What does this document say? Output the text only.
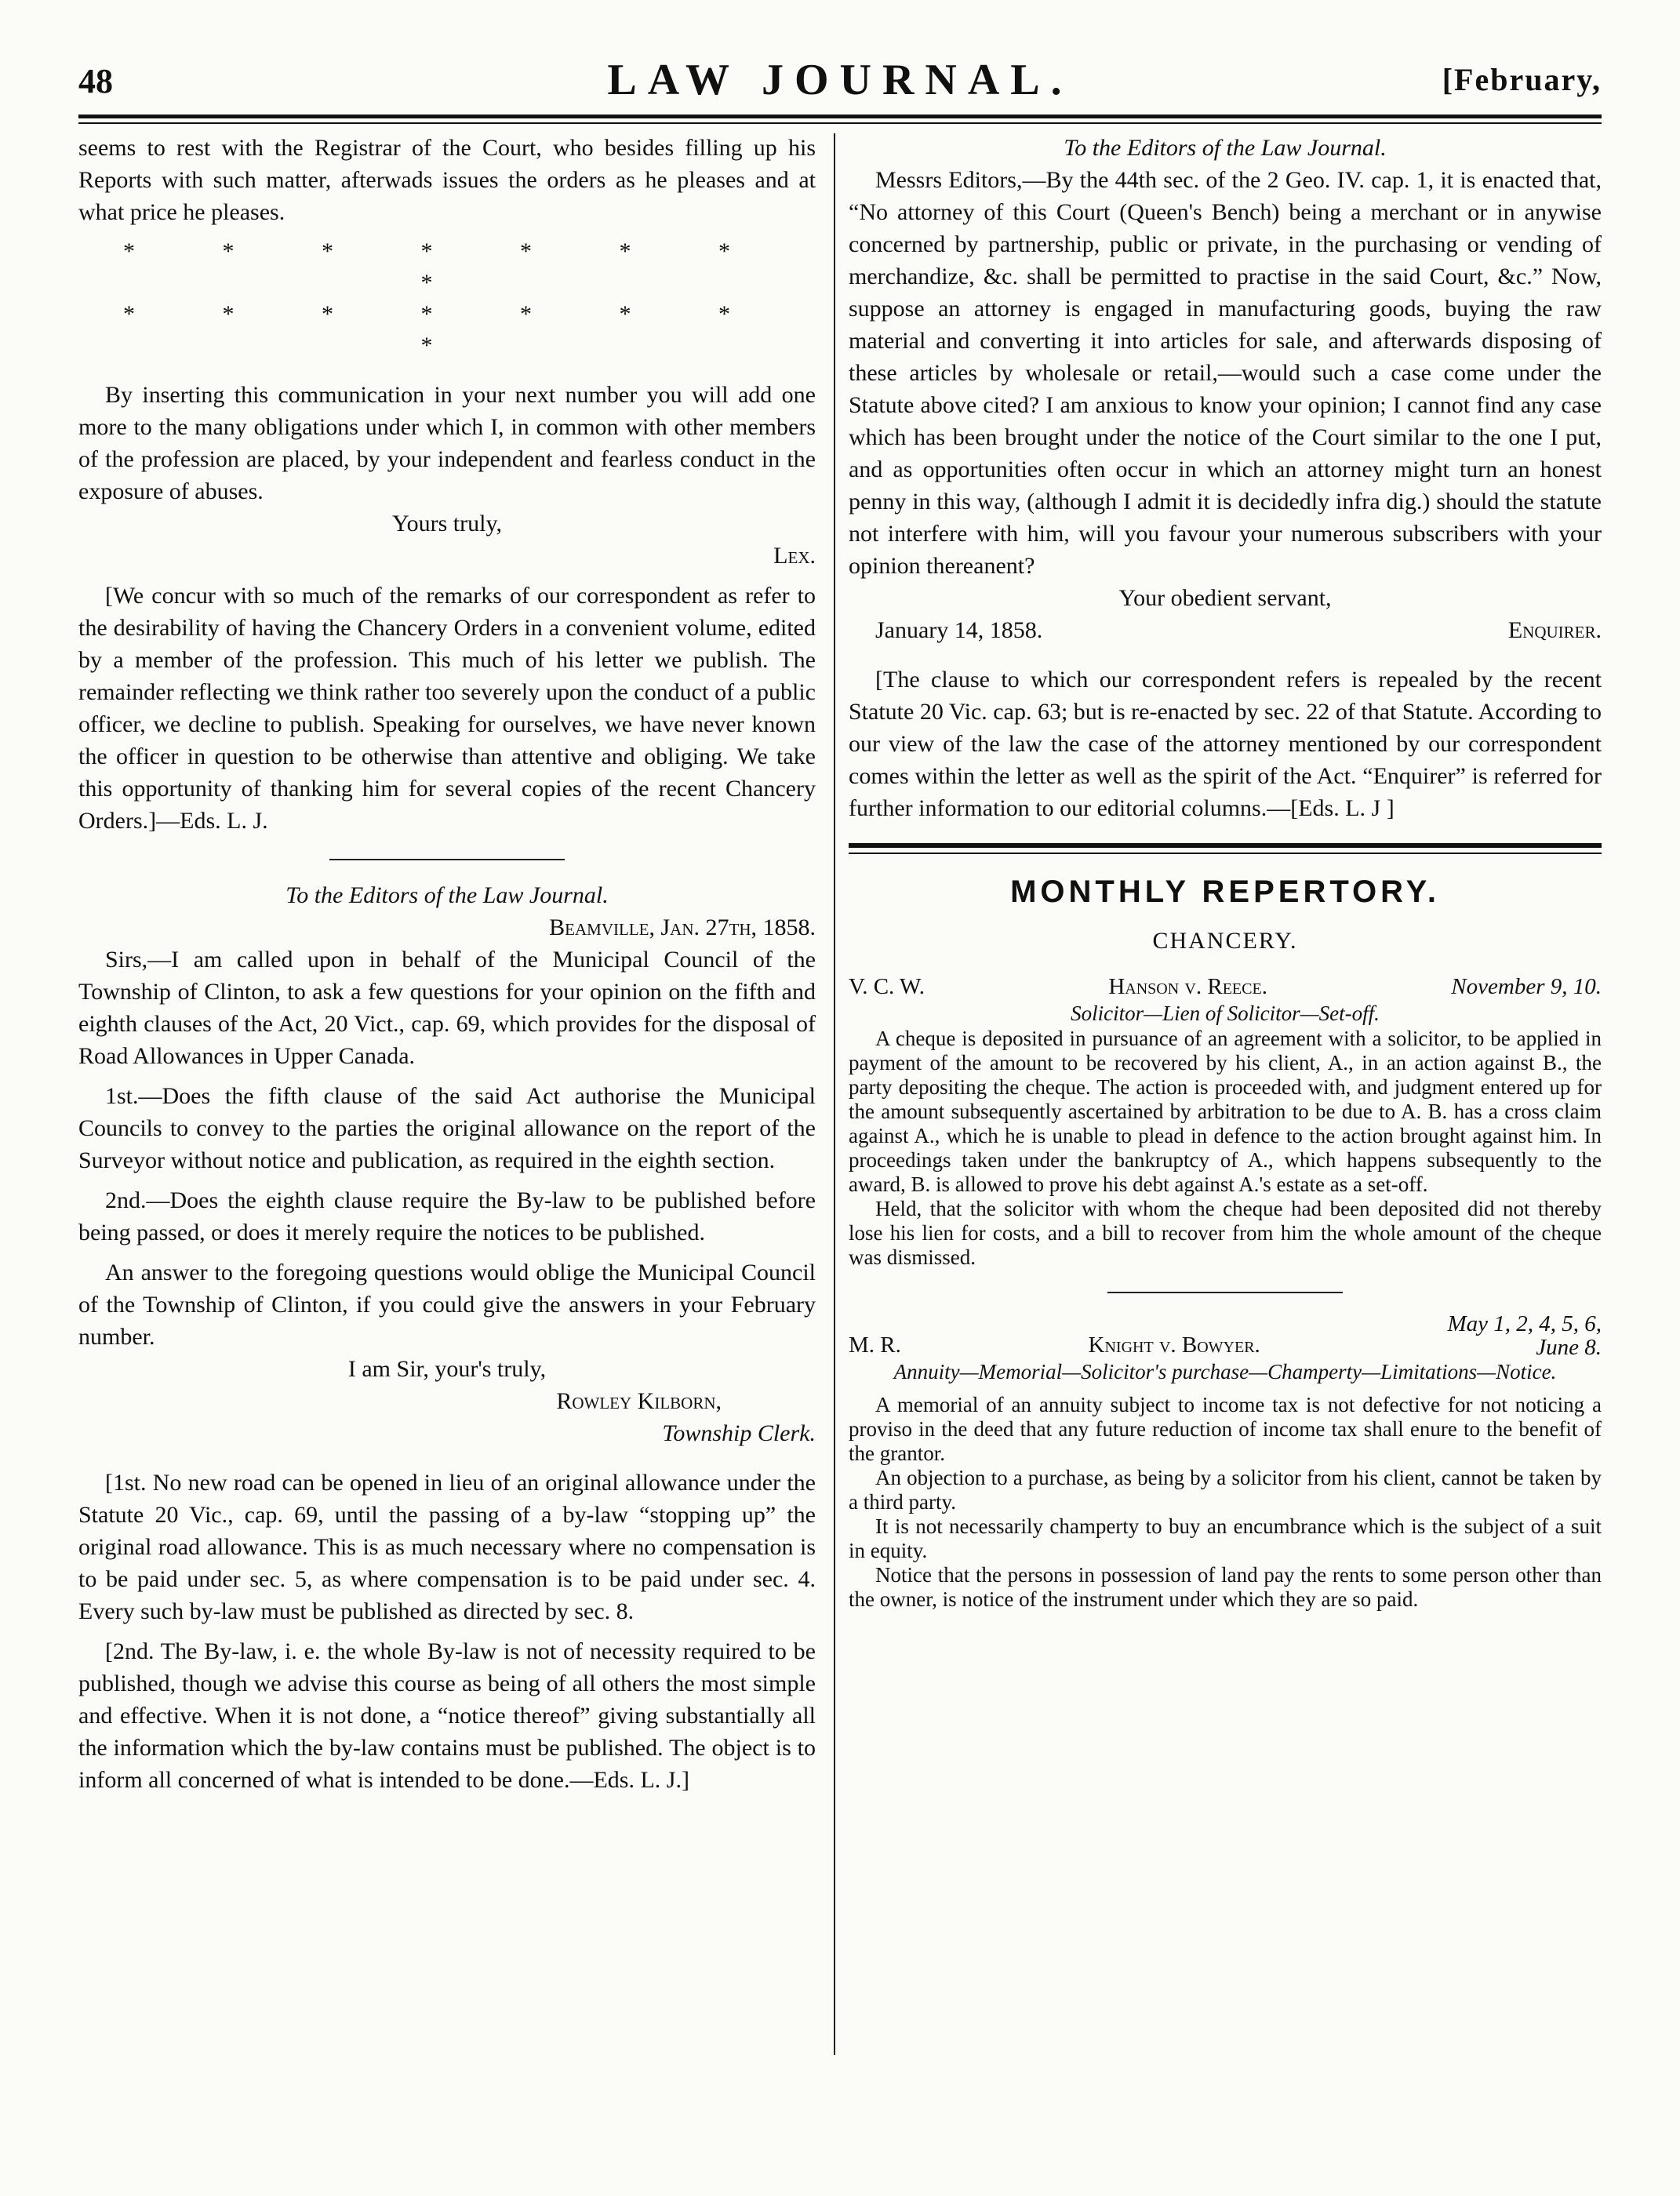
48	LAW JOURNAL.	[February,

seems to rest with the Registrar of the Court, who besides filling up his Reports with such matter, afterwads issues the orders as he pleases and at what price he pleases.

* * * * * * * *
* * * * * * * *

By inserting this communication in your next number you will add one more to the many obligations under which I, in common with other members of the profession are placed, by your independent and fearless conduct in the exposure of abuses.

Yours truly,

Lex.

[We concur with so much of the remarks of our correspondent as refer to the desirability of having the Chancery Orders in a convenient volume, edited by a member of the profession. This much of his letter we publish. The remainder reflecting we think rather too severely upon the conduct of a public officer, we decline to publish. Speaking for ourselves, we have never known the officer in question to be otherwise than attentive and obliging. We take this opportunity of thanking him for several copies of the recent Chancery Orders.]—Eds. L. J.

To the Editors of the Law Journal.

Beamville, Jan. 27th, 1858.

Sirs,—I am called upon in behalf of the Municipal Council of the Township of Clinton, to ask a few questions for your opinion on the fifth and eighth clauses of the Act, 20 Vict., cap. 69, which provides for the disposal of Road Allowances in Upper Canada.

1st.—Does the fifth clause of the said Act authorise the Municipal Councils to convey to the parties the original allowance on the report of the Surveyor without notice and publication, as required in the eighth section.

2nd.—Does the eighth clause require the By-law to be published before being passed, or does it merely require the notices to be published.

An answer to the foregoing questions would oblige the Municipal Council of the Township of Clinton, if you could give the answers in your February number.

I am Sir, your's truly,

Rowley Kilborn,

Township Clerk.

[1st. No new road can be opened in lieu of an original allowance under the Statute 20 Vic., cap. 69, until the passing of a by-law “stopping up” the original road allowance. This is as much necessary where no compensation is to be paid under sec. 5, as where compensation is to be paid under sec. 4. Every such by-law must be published as directed by sec. 8.

[2nd. The By-law, i. e. the whole By-law is not of necessity required to be published, though we advise this course as being of all others the most simple and effective. When it is not done, a “notice thereof” giving substantially all the information which the by-law contains must be published. The object is to inform all concerned of what is intended to be done.—Eds. L. J.]

To the Editors of the Law Journal.

Messrs Editors,—By the 44th sec. of the 2 Geo. IV. cap. 1, it is enacted that, “No attorney of this Court (Queen's Bench) being a merchant or in anywise concerned by partnership, public or private, in the purchasing or vending of merchandize, &c. shall be permitted to practise in the said Court, &c.” Now, suppose an attorney is engaged in manufacturing goods, buying the raw material and converting it into articles for sale, and afterwards disposing of these articles by wholesale or retail,—would such a case come under the Statute above cited? I am anxious to know your opinion; I cannot find any case which has been brought under the notice of the Court similar to the one I put, and as opportunities often occur in which an attorney might turn an honest penny in this way, (although I admit it is decidedly infra dig.) should the statute not interfere with him, will you favour your numerous subscribers with your opinion thereanent?

Your obedient servant,

January 14, 1858.	Enquirer.

[The clause to which our correspondent refers is repealed by the recent Statute 20 Vic. cap. 63; but is re-enacted by sec. 22 of that Statute. According to our view of the law the case of the attorney mentioned by our correspondent comes within the letter as well as the spirit of the Act. “Enquirer” is referred for further information to our editorial columns.—[Eds. L. J ]

MONTHLY REPERTORY.
CHANCERY.
V. C. W.	Hanson v. Reece.	November 9, 10.

Solicitor—Lien of Solicitor—Set-off.

A cheque is deposited in pursuance of an agreement with a solicitor, to be applied in payment of the amount to be recovered by his client, A., in an action against B., the party depositing the cheque. The action is proceeded with, and judgment entered up for the amount subsequently ascertained by arbitration to be due to A. B. has a cross claim against A., which he is unable to plead in defence to the action brought against him. In proceedings taken under the bankruptcy of A., which happens subsequently to the award, B. is allowed to prove his debt against A.'s estate as a set-off.

Held, that the solicitor with whom the cheque had been deposited did not thereby lose his lien for costs, and a bill to recover from him the whole amount of the cheque was dismissed.

M. R.	Knight v. Bowyer.
May 1, 2, 4, 5, 6,
June 8.

Annuity—Memorial—Solicitor's purchase—Champerty—Limitations—Notice.

A memorial of an annuity subject to income tax is not defective for not noticing a proviso in the deed that any future reduction of income tax shall enure to the benefit of the grantor.

An objection to a purchase, as being by a solicitor from his client, cannot be taken by a third party.

It is not necessarily champerty to buy an encumbrance which is the subject of a suit in equity.

Notice that the persons in possession of land pay the rents to some person other than the owner, is notice of the instrument under which they are so paid.
